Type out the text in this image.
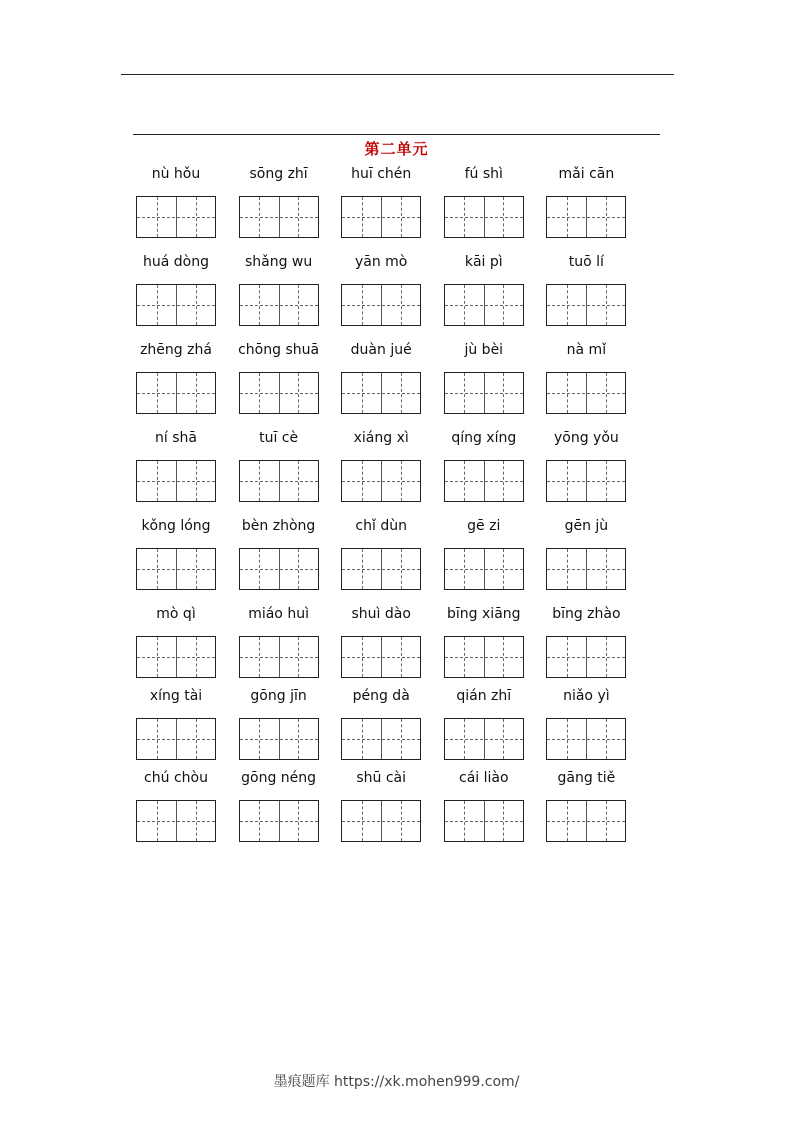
第二单元
nù hǒu	sōng zhī	huī chén	fú shì	mǎi cān
huá dòng	shǎng wu	yān mò	kāi pì	tuō lí
zhēng zhá	chōng shuā	duàn jué	jù bèi	nà mǐ
ní shā	tuī cè	xiáng xì	qíng xíng	yōng yǒu
kǒng lóng	bèn zhòng	chǐ dùn	gē zi	gēn jù
mò qì	miáo huì	shuì dào	bīng xiāng	bīng zhào
xíng tài	gōng jīn	péng dà	qián zhī	niǎo yì
chú chòu	gōng néng	shū cài	cái liào	gāng tiě
墨痕题库 https://xk.mohen999.com/
